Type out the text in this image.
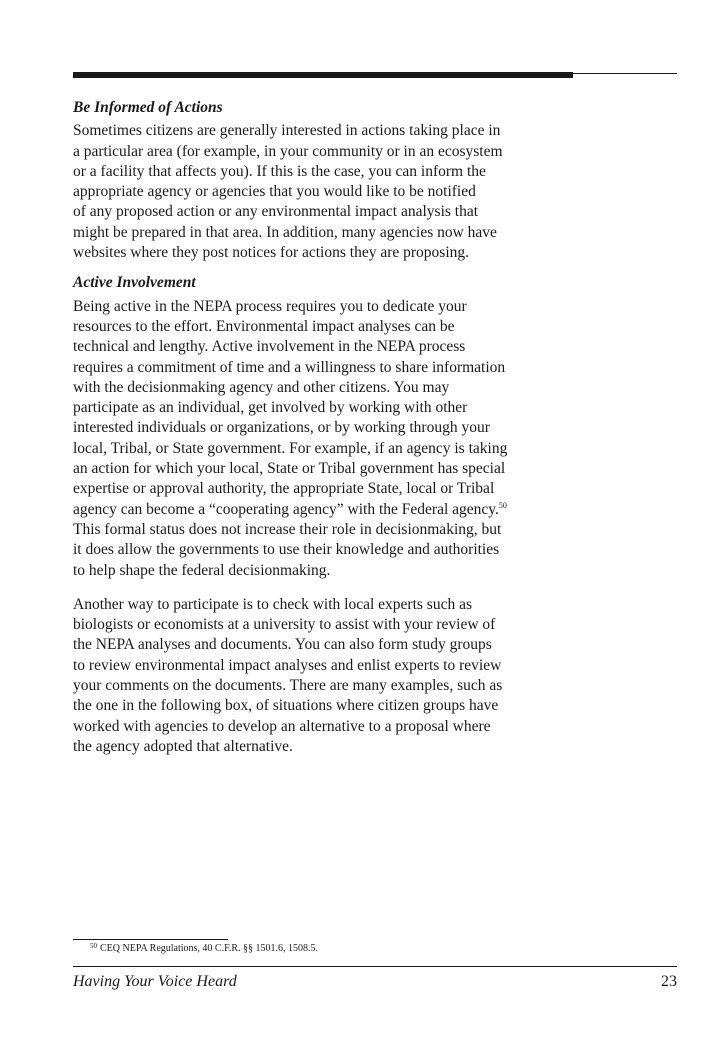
Be Informed of Actions
Sometimes citizens are generally interested in actions taking place in
a particular area (for example, in your community or in an ecosystem
or a facility that affects you). If this is the case, you can inform the
appropriate agency or agencies that you would like to be notified
of any proposed action or any environmental impact analysis that
might be prepared in that area. In addition, many agencies now have
websites where they post notices for actions they are proposing.
Active Involvement
Being active in the NEPA process requires you to dedicate your
resources to the effort. Environmental impact analyses can be
technical and lengthy. Active involvement in the NEPA process
requires a commitment of time and a willingness to share information
with the decisionmaking agency and other citizens. You may
participate as an individual, get involved by working with other
interested individuals or organizations, or by working through your
local, Tribal, or State government. For example, if an agency is taking
an action for which your local, State or Tribal government has special
expertise or approval authority, the appropriate State, local or Tribal
agency can become a “cooperating agency” with the Federal agency.$^{50}$
This formal status does not increase their role in decisionmaking, but
it does allow the governments to use their knowledge and authorities
to help shape the federal decisionmaking.
Another way to participate is to check with local experts such as
biologists or economists at a university to assist with your review of
the NEPA analyses and documents. You can also form study groups
to review environmental impact analyses and enlist experts to review
your comments on the documents. There are many examples, such as
the one in the following box, of situations where citizen groups have
worked with agencies to develop an alternative to a proposal where
the agency adopted that alternative.
$^{50}$ CEQ NEPA Regulations, 40 C.F.R. §§ 1501.6, 1508.5.
Having Your Voice Heard	23
